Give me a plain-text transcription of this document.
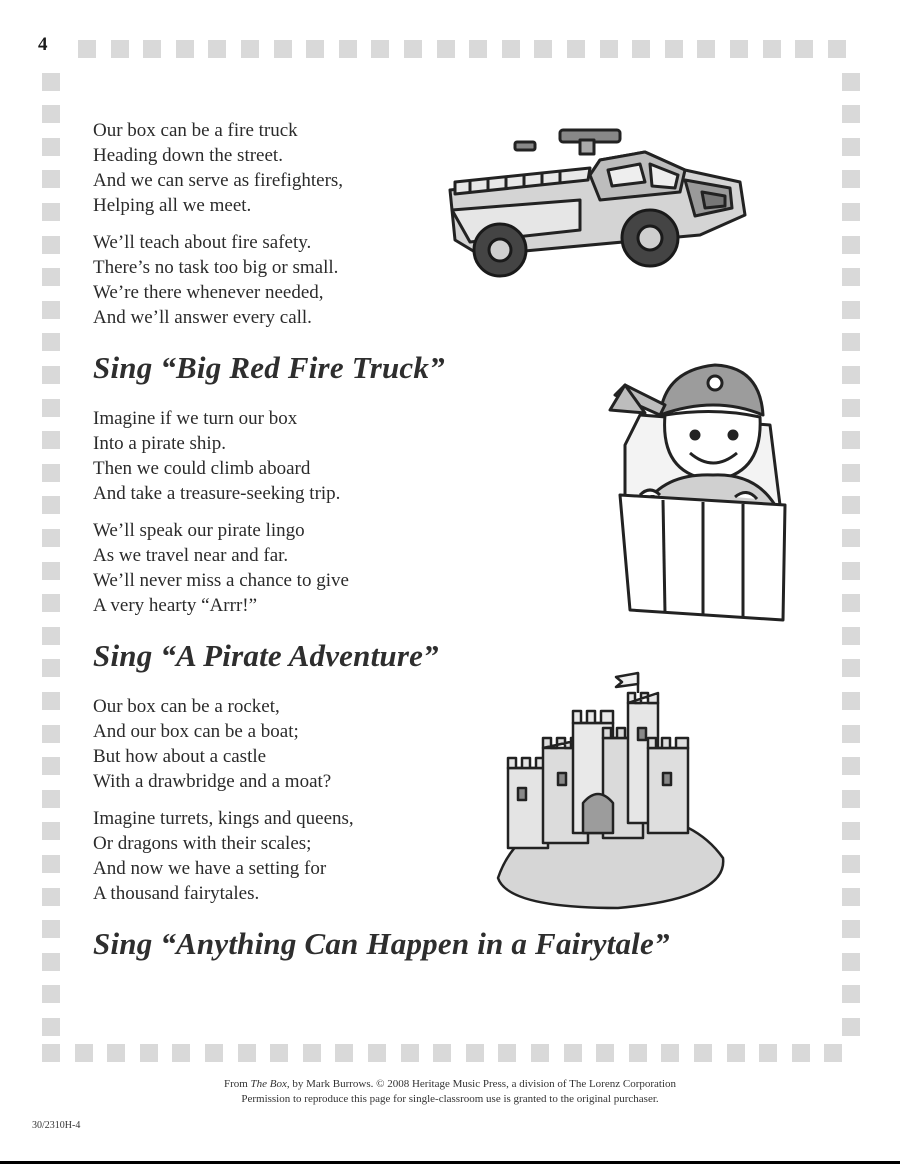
4

Our box can be a fire truck
Heading down the street.
And we can serve as firefighters,
Helping all we meet.

We’ll teach about fire safety.
There’s no task too big or small.
We’re there whenever needed,
And we’ll answer every call.

Sing “Big Red Fire Truck”

Imagine if we turn our box
Into a pirate ship.
Then we could climb aboard
And take a treasure-seeking trip.

We’ll speak our pirate lingo
As we travel near and far.
We’ll never miss a chance to give
A very hearty “Arrr!”

Sing “A Pirate Adventure”

Our box can be a rocket,
And our box can be a boat;
But how about a castle
With a drawbridge and a moat?

Imagine turrets, kings and queens,
Or dragons with their scales;
And now we have a setting for
A thousand fairytales.

Sing “Anything Can Happen in a Fairytale”
From The Box, by Mark Burrows. © 2008 Heritage Music Press, a division of The Lorenz Corporation
Permission to reproduce this page for single-classroom use is granted to the original purchaser.
30/2310H-4
